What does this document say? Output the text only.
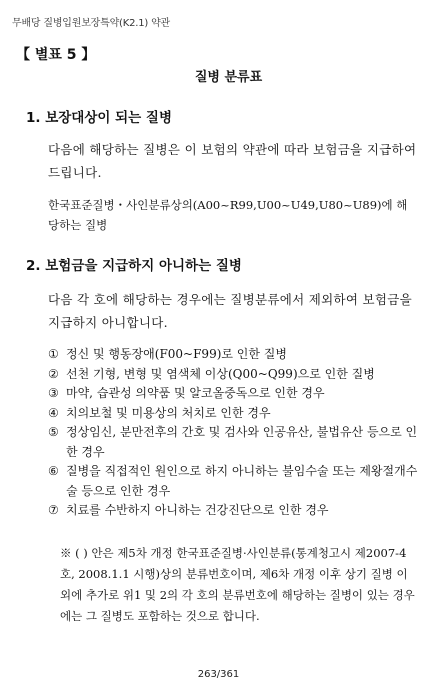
무배당 질병입원보장특약(K2.1) 약관
【 별표 5 】
질병 분류표
1. 보장대상이 되는 질병
다음에 해당하는 질병은 이 보험의 약관에 따라 보험금을 지급하여 드립니다.
한국표준질병・사인분류상의(A00~R99,U00~U49,U80~U89)에 해당하는 질병
2. 보험금을 지급하지 아니하는 질병
다음 각 호에 해당하는 경우에는 질병분류에서 제외하여 보험금을 지급하지 아니합니다.
① 정신 및 행동장애(F00~F99)로 인한 질병
② 선천 기형, 변형 및 염색체 이상(Q00~Q99)으로 인한 질병
③ 마약, 습관성 의약품 및 알코올중독으로 인한 경우
④ 치의보철 및 미용상의 처치로 인한 경우
⑤ 정상임신, 분만전후의 간호 및 검사와 인공유산, 불법유산 등으로 인한 경우
⑥ 질병을 직접적인 원인으로 하지 아니하는 불임수술 또는 제왕절개수술 등으로 인한 경우
⑦ 치료를 수반하지 아니하는 건강진단으로 인한 경우
※ ( ) 안은 제5차 개정 한국표준질병·사인분류(통계청고시 제2007-4호, 2008.1.1 시행)상의 분류번호이며, 제6차 개정 이후 상기 질병 이외에 추가로 위1 및 2의 각 호의 분류번호에 해당하는 질병이 있는 경우에는 그 질병도 포함하는 것으로 합니다.
263/361
